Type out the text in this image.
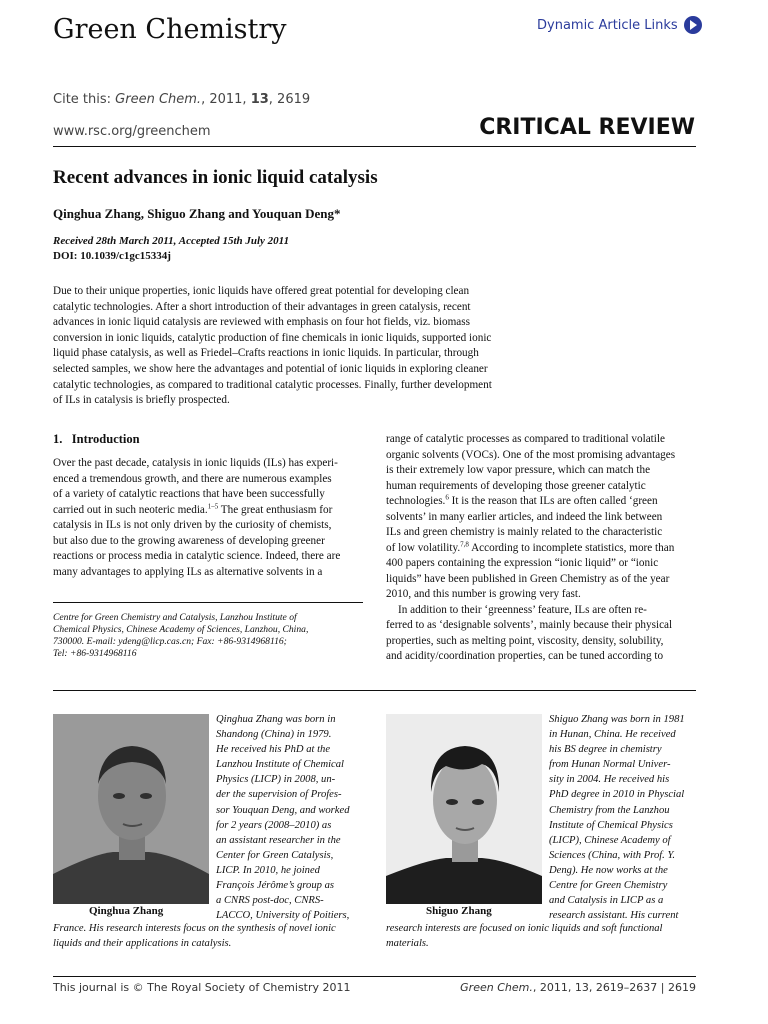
Green Chemistry	Dynamic Article Links
Cite this: Green Chem., 2011, 13, 2619
www.rsc.org/greenchem	CRITICAL REVIEW
Recent advances in ionic liquid catalysis
Qinghua Zhang, Shiguo Zhang and Youquan Deng*
Received 28th March 2011, Accepted 15th July 2011
DOI: 10.1039/c1gc15334j
Due to their unique properties, ionic liquids have offered great potential for developing clean
catalytic technologies. After a short introduction of their advantages in green catalysis, recent
advances in ionic liquid catalysis are reviewed with emphasis on four hot fields, viz. biomass
conversion in ionic liquids, catalytic production of fine chemicals in ionic liquids, supported ionic
liquid phase catalysis, as well as Friedel–Crafts reactions in ionic liquids. In particular, through
selected samples, we show here the advantages and potential of ionic liquids in exploring cleaner
catalytic technologies, as compared to traditional catalytic processes. Finally, further development
of ILs in catalysis is briefly prospected.
1. Introduction
Over the past decade, catalysis in ionic liquids (ILs) has experi-
enced a tremendous growth, and there are numerous examples
of a variety of catalytic reactions that have been successfully
carried out in such neoteric media.$^{1-5}$ The great enthusiasm for
catalysis in ILs is not only driven by the curiosity of chemists,
but also due to the growing awareness of developing greener
reactions or process media in catalytic science. Indeed, there are
many advantages to applying ILs as alternative solvents in a
Centre for Green Chemistry and Catalysis, Lanzhou Institute of
Chemical Physics, Chinese Academy of Sciences, Lanzhou, China,
730000. E-mail: ydeng@licp.cas.cn; Fax: +86-9314968116;
Tel: +86-9314968116
range of catalytic processes as compared to traditional volatile
organic solvents (VOCs). One of the most promising advantages
is their extremely low vapor pressure, which can match the
human requirements of developing those greener catalytic
technologies.$^6$ It is the reason that ILs are often called ‘green
solvents’ in many earlier articles, and indeed the link between
ILs and green chemistry is mainly related to the characteristic
of low volatility.$^{7,8}$ According to incomplete statistics, more than
400 papers containing the expression “ionic liquid” or “ionic
liquids” have been published in Green Chemistry as of the year
2010, and this number is growing very fast.
In addition to their ‘greenness’ feature, ILs are often re-
ferred to as ‘designable solvents’, mainly because their physical
properties, such as melting point, viscosity, density, solubility,
and acidity/coordination properties, can be tuned according to
Qinghua Zhang
Qinghua Zhang was born in
Shandong (China) in 1979.
He received his PhD at the
Lanzhou Institute of Chemical
Physics (LICP) in 2008, un-
der the supervision of Profes-
sor Youquan Deng, and worked
for 2 years (2008–2010) as
an assistant researcher in the
Center for Green Catalysis,
LICP. In 2010, he joined
François Jérôme’s group as
a CNRS post-doc, CNRS-
LACCO, University of Poitiers,
France. His research interests focus on the synthesis of novel ionic
liquids and their applications in catalysis.
Shiguo Zhang
Shiguo Zhang was born in 1981
in Hunan, China. He received
his BS degree in chemistry
from Hunan Normal Univer-
sity in 2004. He received his
PhD degree in 2010 in Physcial
Chemistry from the Lanzhou
Institute of Chemical Physics
(LICP), Chinese Academy of
Sciences (China, with Prof. Y.
Deng). He now works at the
Centre for Green Chemistry
and Catalysis in LICP as a
research assistant. His current
research interests are focused on ionic liquids and soft functional
materials.
This journal is © The Royal Society of Chemistry 2011	Green Chem., 2011, 13, 2619–2637 | 2619
